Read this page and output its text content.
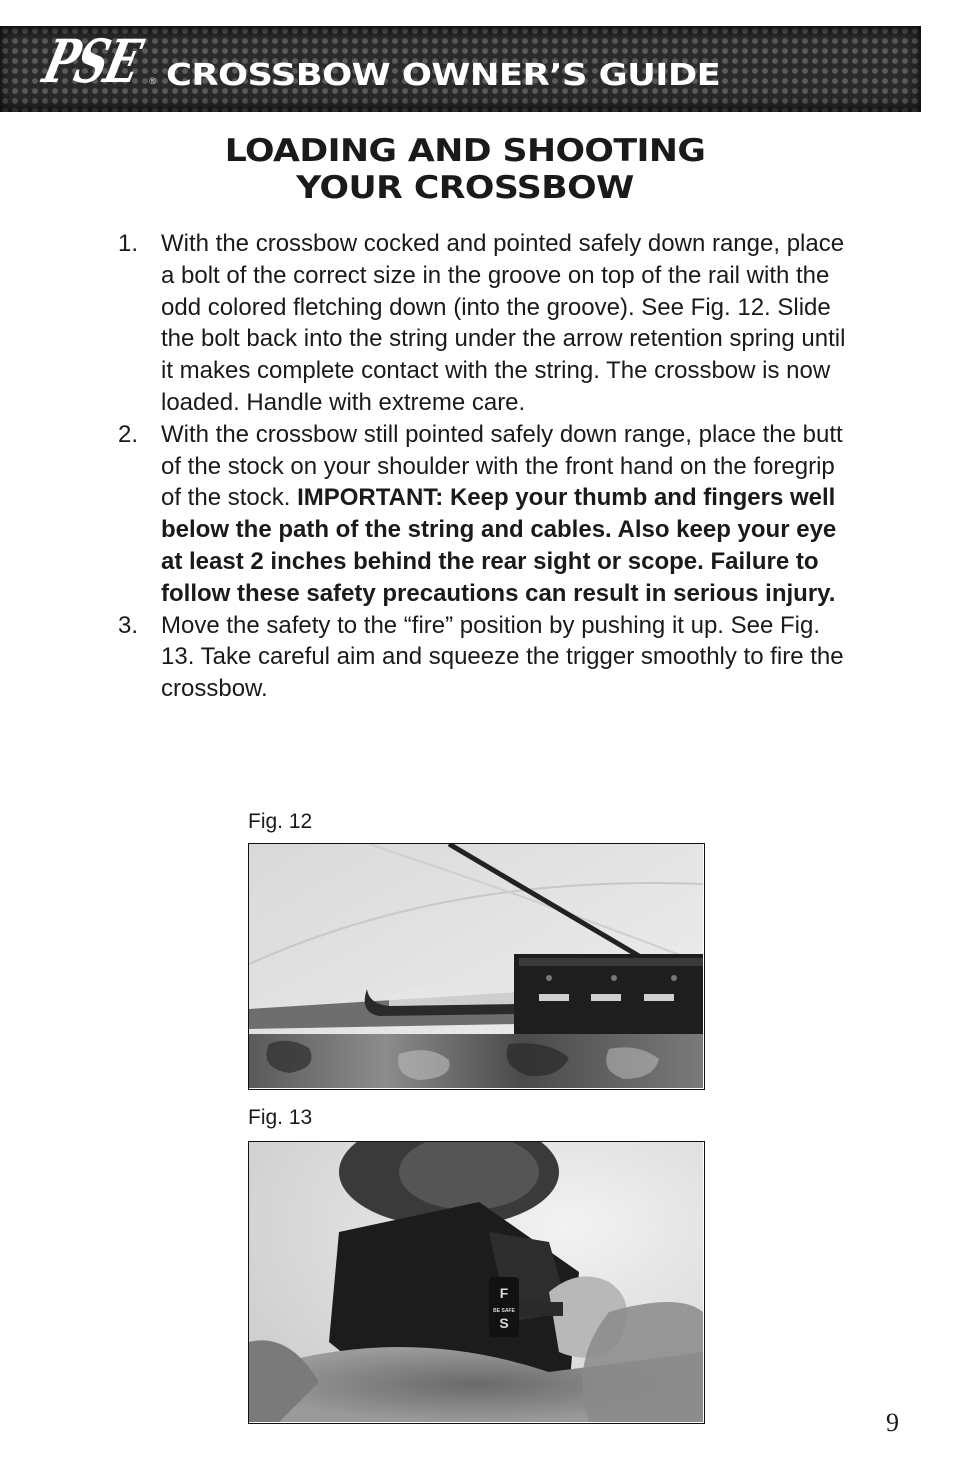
PSE ® CROSSBOW OWNER’S GUIDE
LOADING AND SHOOTING
YOUR CROSSBOW
1. With the crossbow cocked and pointed safely down range, place a bolt of the correct size in the groove on top of the rail with the odd colored fletching down (into the groove). See Fig. 12. Slide the bolt back into the string under the arrow retention spring until it makes complete contact with the string. The crossbow is now loaded. Handle with extreme care.
2. With the crossbow still pointed safely down range, place the butt of the stock on your shoulder with the front hand on the foregrip of the stock. IMPORTANT: Keep your thumb and fingers well below the path of the string and cables. Also keep your eye at least 2 inches behind the rear sight or scope. Failure to follow these safety precautions can result in serious injury.
3. Move the safety to the “fire” position by pushing it up. See Fig. 13. Take careful aim and squeeze the trigger smoothly to fire the crossbow.
Fig. 12
Fig. 13
F
BE SAFE
S
9
